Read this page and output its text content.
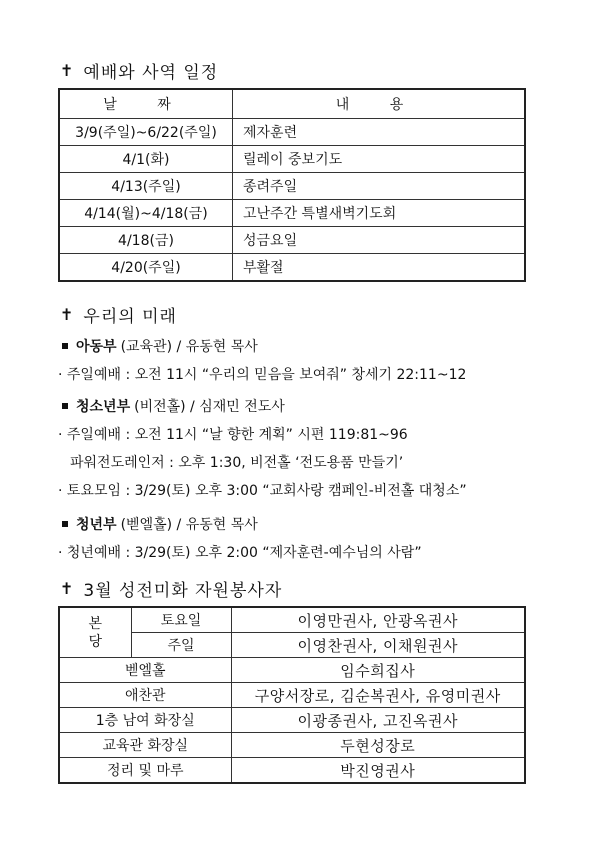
✝ 예배와 사역 일정
날 짜	내 용
3/9(주일)~6/22(주일)	제자훈련
4/1(화)	릴레이 중보기도
4/13(주일)	종려주일
4/14(월)~4/18(금)	고난주간 특별새벽기도회
4/18(금)	성금요일
4/20(주일)	부활절
✝ 우리의 미래
아동부 (교육관) / 유동현 목사
· 주일예배 : 오전 11시 “우리의 믿음을 보여줘” 창세기 22:11~12
청소년부 (비전홀) / 심재민 전도사
· 주일예배 : 오전 11시 “날 향한 계획” 시편 119:81~96
파워전도레인저 : 오후 1:30, 비전홀 ‘전도용품 만들기’
· 토요모임 : 3/29(토) 오후 3:00 “교회사랑 캠페인-비전홀 대청소”
청년부 (벧엘홀) / 유동현 목사
· 청년예배 : 3/29(토) 오후 2:00 “제자훈련-예수님의 사람”
✝ 3월 성전미화 자원봉사자
본 당	토요일	이영만권사, 안광옥권사
	주일	이영찬권사, 이채원권사
벧엘홀		임수희집사
애찬관		구양서장로, 김순복권사, 유영미권사
1층 남여 화장실		이광종권사, 고진옥권사
교육관 화장실		두현성장로
정리 및 마루		박진영권사
